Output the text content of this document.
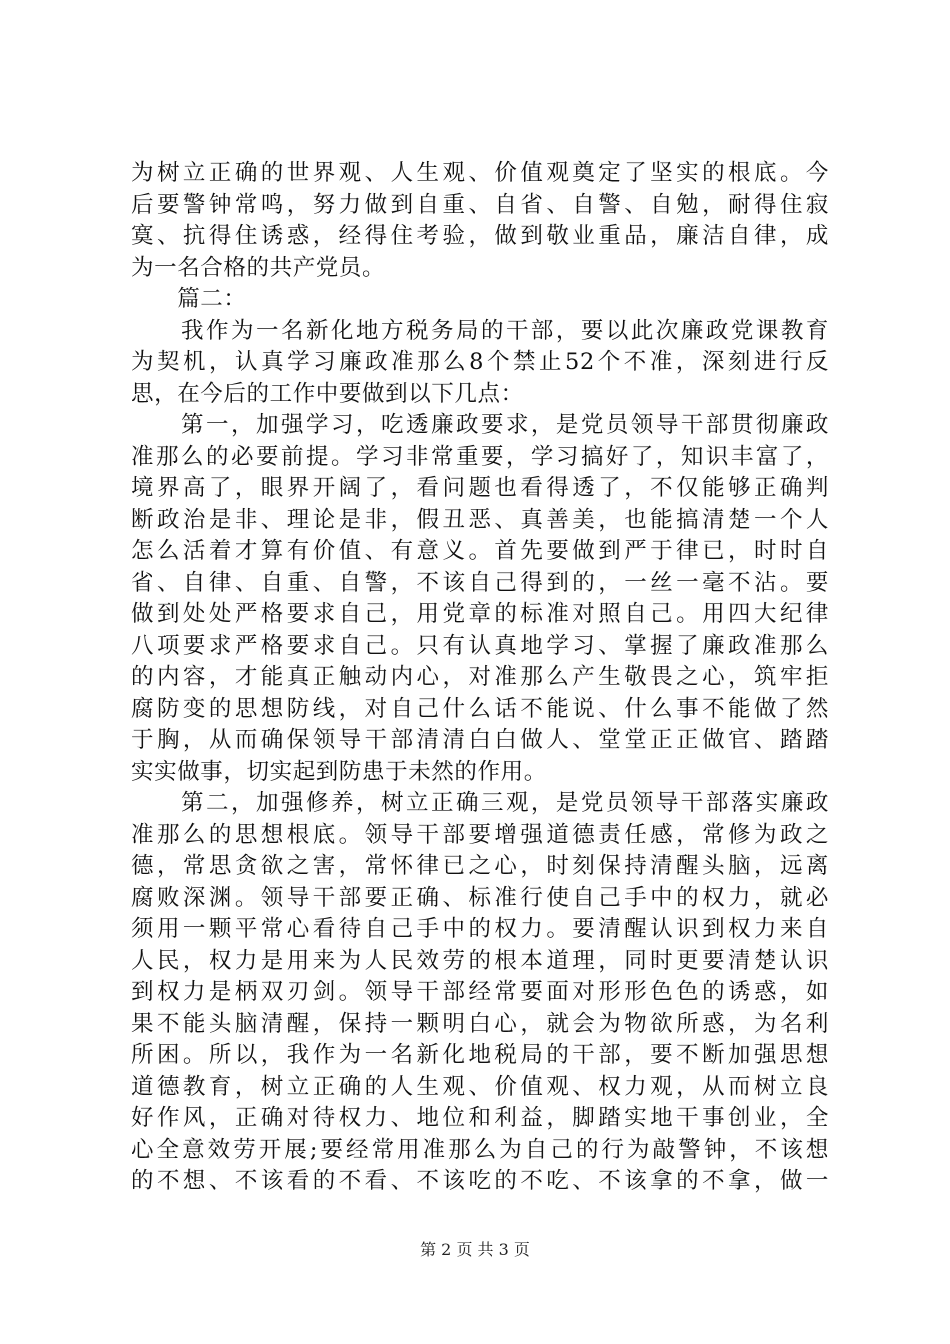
为树立正确的世界观、人生观、价值观奠定了坚实的根底。今
后要警钟常鸣，努力做到自重、自省、自警、自勉，耐得住寂
寞、抗得住诱惑，经得住考验，做到敬业重品，廉洁自律，成
为一名合格的共产党员。
　　篇二：
　　我作为一名新化地方税务局的干部，要以此次廉政党课教育
为契机，认真学习廉政准那么8个禁止52个不准，深刻进行反
思，在今后的工作中要做到以下几点：
　　第一，加强学习，吃透廉政要求，是党员领导干部贯彻廉政
准那么的必要前提。学习非常重要，学习搞好了，知识丰富了，
境界高了，眼界开阔了，看问题也看得透了，不仅能够正确判
断政治是非、理论是非，假丑恶、真善美，也能搞清楚一个人
怎么活着才算有价值、有意义。首先要做到严于律已，时时自
省、自律、自重、自警，不该自己得到的，一丝一毫不沾。要
做到处处严格要求自己，用党章的标准对照自己。用四大纪律
八项要求严格要求自己。只有认真地学习、掌握了廉政准那么
的内容，才能真正触动内心，对准那么产生敬畏之心，筑牢拒
腐防变的思想防线，对自己什么话不能说、什么事不能做了然
于胸，从而确保领导干部清清白白做人、堂堂正正做官、踏踏
实实做事，切实起到防患于未然的作用。
　　第二，加强修养，树立正确三观，是党员领导干部落实廉政
准那么的思想根底。领导干部要增强道德责任感，常修为政之
德，常思贪欲之害，常怀律已之心，时刻保持清醒头脑，远离
腐败深渊。领导干部要正确、标准行使自己手中的权力，就必
须用一颗平常心看待自己手中的权力。要清醒认识到权力来自
人民，权力是用来为人民效劳的根本道理，同时更要清楚认识
到权力是柄双刃剑。领导干部经常要面对形形色色的诱惑，如
果不能头脑清醒，保持一颗明白心，就会为物欲所惑，为名利
所困。所以，我作为一名新化地税局的干部，要不断加强思想
道德教育，树立正确的人生观、价值观、权力观，从而树立良
好作风，正确对待权力、地位和利益，脚踏实地干事创业，全
心全意效劳开展;要经常用准那么为自己的行为敲警钟，不该想
的不想、不该看的不看、不该吃的不吃、不该拿的不拿，做一
第 2 页 共 3 页
